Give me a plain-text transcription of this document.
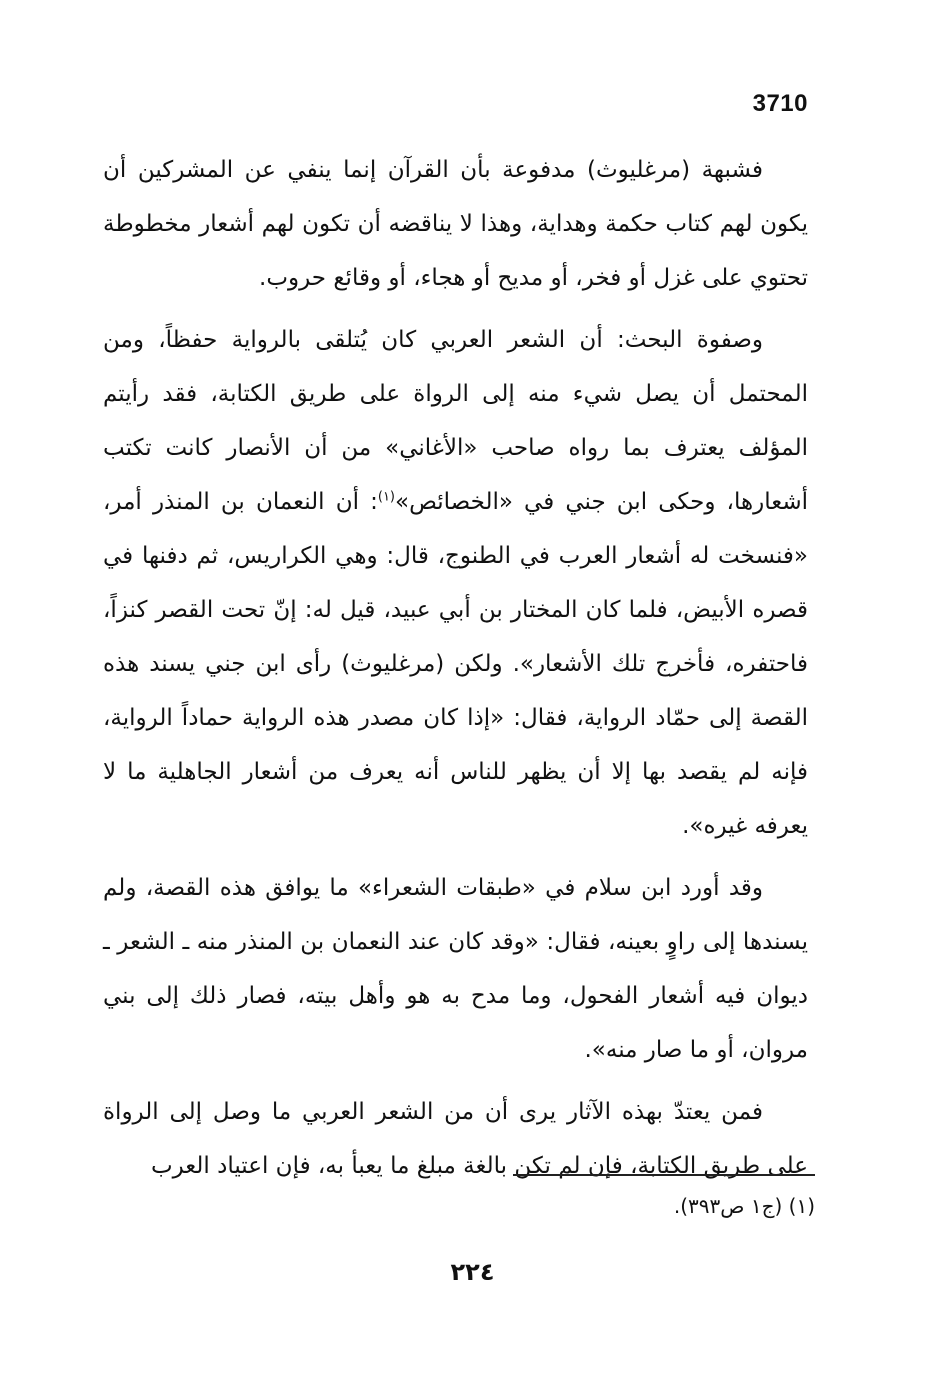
3710

فشبهة (مرغليوث) مدفوعة بأن القرآن إنما ينفي عن المشركين أن يكون لهم كتاب حكمة وهداية، وهذا لا يناقضه أن تكون لهم أشعار مخطوطة تحتوي على غزل أو فخر، أو مديح أو هجاء، أو وقائع حروب.

وصفوة البحث: أن الشعر العربي كان يُتلقى بالرواية حفظاً، ومن المحتمل أن يصل شيء منه إلى الرواة على طريق الكتابة، فقد رأيتم المؤلف يعترف بما رواه صاحب «الأغاني» من أن الأنصار كانت تكتب أشعارها، وحكى ابن جني في «الخصائص»$^{(١)}$: أن النعمان بن المنذر أمر، «فنسخت له أشعار العرب في الطنوج، قال: وهي الكراريس، ثم دفنها في قصره الأبيض، فلما كان المختار بن أبي عبيد، قيل له: إنّ تحت القصر كنزاً، فاحتفره، فأخرج تلك الأشعار». ولكن (مرغليوث) رأى ابن جني يسند هذه القصة إلى حمّاد الرواية، فقال: «إذا كان مصدر هذه الرواية حماداً الرواية، فإنه لم يقصد بها إلا أن يظهر للناس أنه يعرف من أشعار الجاهلية ما لا يعرفه غيره».

وقد أورد ابن سلام في «طبقات الشعراء» ما يوافق هذه القصة، ولم يسندها إلى راوٍ بعينه، فقال: «وقد كان عند النعمان بن المنذر منه ـ الشعر ـ ديوان فيه أشعار الفحول، وما مدح به هو وأهل بيته، فصار ذلك إلى بني مروان، أو ما صار منه».

فمن يعتدّ بهذه الآثار يرى أن من الشعر العربي ما وصل إلى الرواة على طريق الكتابة، فإن لم تكن بالغة مبلغ ما يعبأ به، فإن اعتياد العرب

(١) (ج١ ص٣٩٣).
٢٢٤
